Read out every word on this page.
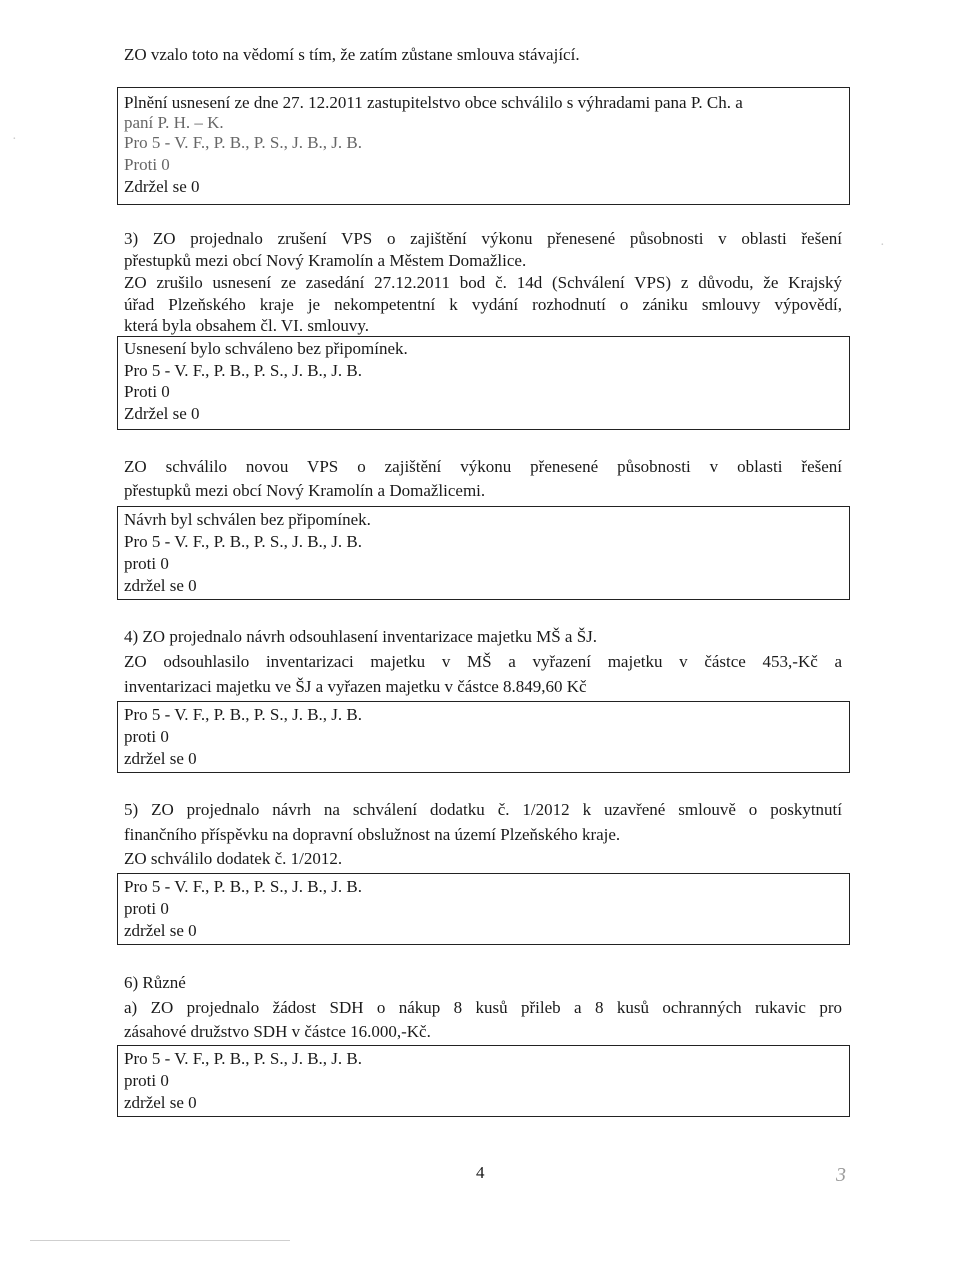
ZO vzalo toto na vědomí s tím, že zatím zůstane smlouva stávající.
Plnění usnesení ze dne 27. 12.2011 zastupitelstvo obce schválilo s výhradami pana P. Ch. a
paní P. H. – K.
Pro 5 - V. F., P. B., P. S., J. B., J. B.
Proti 0
Zdržel se 0
3) ZO projednalo zrušení VPS o zajištění výkonu přenesené působnosti v oblasti řešení
přestupků mezi obcí Nový Kramolín a Městem Domažlice.
ZO zrušilo usnesení ze zasedání 27.12.2011 bod č. 14d (Schválení VPS) z důvodu, že Krajský
úřad Plzeňského kraje je nekompetentní k vydání rozhodnutí o zániku smlouvy výpovědí,
která byla obsahem čl. VI. smlouvy.
Usnesení bylo schváleno bez připomínek.
Pro 5 - V. F., P. B., P. S., J. B., J. B.
Proti 0
Zdržel se 0
ZO schválilo novou VPS o zajištění výkonu přenesené působnosti v oblasti řešení
přestupků mezi obcí Nový Kramolín a Domažlicemi.
Návrh byl schválen bez připomínek.
Pro 5 - V. F., P. B., P. S., J. B., J. B.
proti 0
zdržel se 0
4) ZO projednalo návrh odsouhlasení inventarizace majetku MŠ a ŠJ.
ZO odsouhlasilo inventarizaci majetku v MŠ a vyřazení majetku v částce 453,-Kč a
inventarizaci majetku ve ŠJ a vyřazen majetku v částce 8.849,60 Kč
Pro 5 - V. F., P. B., P. S., J. B., J. B.
proti 0
zdržel se 0
5) ZO projednalo návrh na schválení dodatku č. 1/2012 k uzavřené smlouvě o poskytnutí
finančního příspěvku na dopravní obslužnost na území Plzeňského kraje.
ZO schválilo dodatek č. 1/2012.
Pro 5 - V. F., P. B., P. S., J. B., J. B.
proti 0
zdržel se 0
6) Různé
a) ZO projednalo žádost SDH o nákup 8 kusů přileb a 8 kusů ochranných rukavic pro
zásahové družstvo SDH v částce 16.000,-Kč.
Pro 5 - V. F., P. B., P. S., J. B., J. B.
proti 0
zdržel se 0
4	3
·
·
